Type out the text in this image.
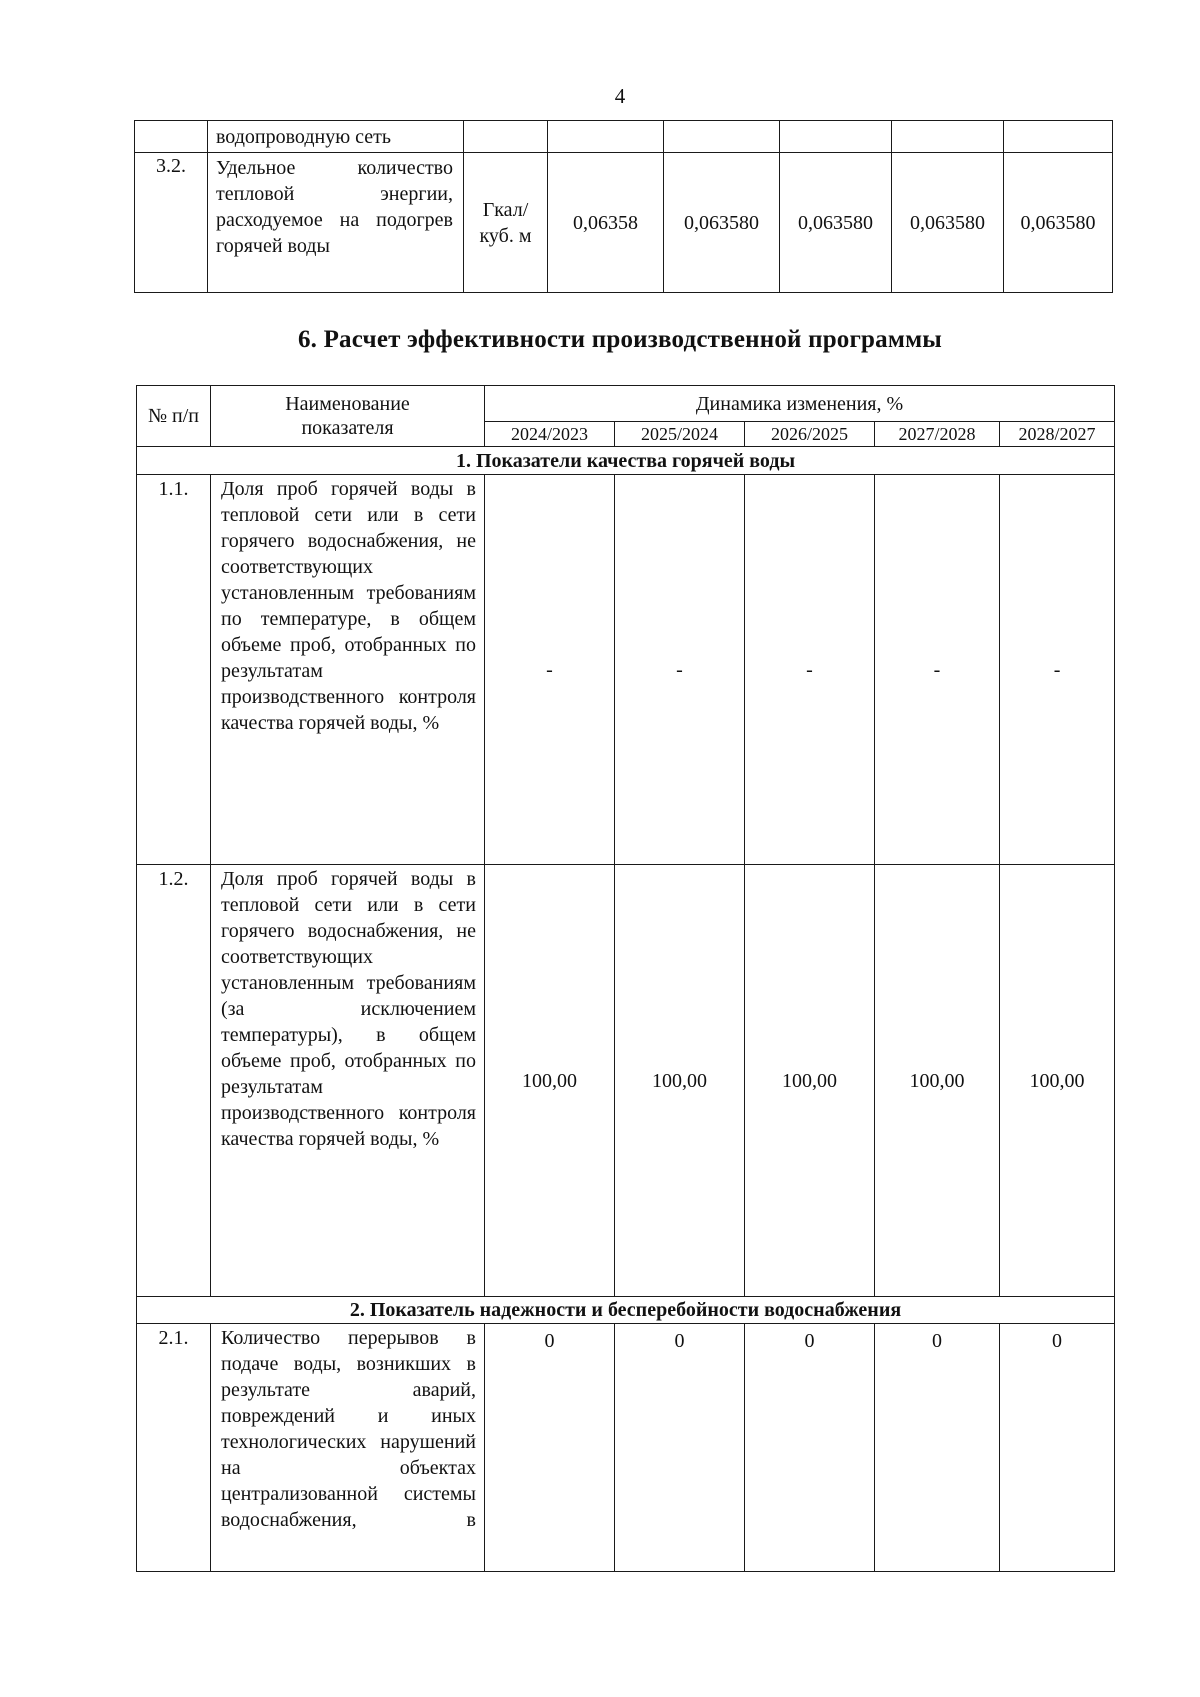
4
	водопроводную сеть						
3.2.	Удельное количество тепловой энергии, расходуемое на подогрев горячей воды	Гкал/ куб. м	0,06358	0,063580	0,063580	0,063580	0,063580
6. Расчет эффективности производственной программы
№ п/п	Наименование показателя	Динамика изменения, %				
		2024/2023	2025/2024	2026/2025	2027/2028	2028/2027
1. Показатели качества горячей воды						
1.1.	Доля проб горячей воды в тепловой сети или в сети горячего водоснабжения, не соответствующих установленным требованиям по температуре, в общем объеме проб, отобранных по результатам производственного контроля качества горячей воды, %	-	-	-	-	-
1.2.	Доля проб горячей воды в тепловой сети или в сети горячего водоснабжения, не соответствующих установленным требованиям (за исключением температуры), в общем объеме проб, отобранных по результатам производственного контроля качества горячей воды, %	100,00	100,00	100,00	100,00	100,00
2. Показатель надежности и бесперебойности водоснабжения						
2.1.	Количество перерывов в подаче воды, возникших в результате аварий, повреждений и иных технологических нарушений на объектах централизованной системы водоснабжения, в	0	0	0	0	0
